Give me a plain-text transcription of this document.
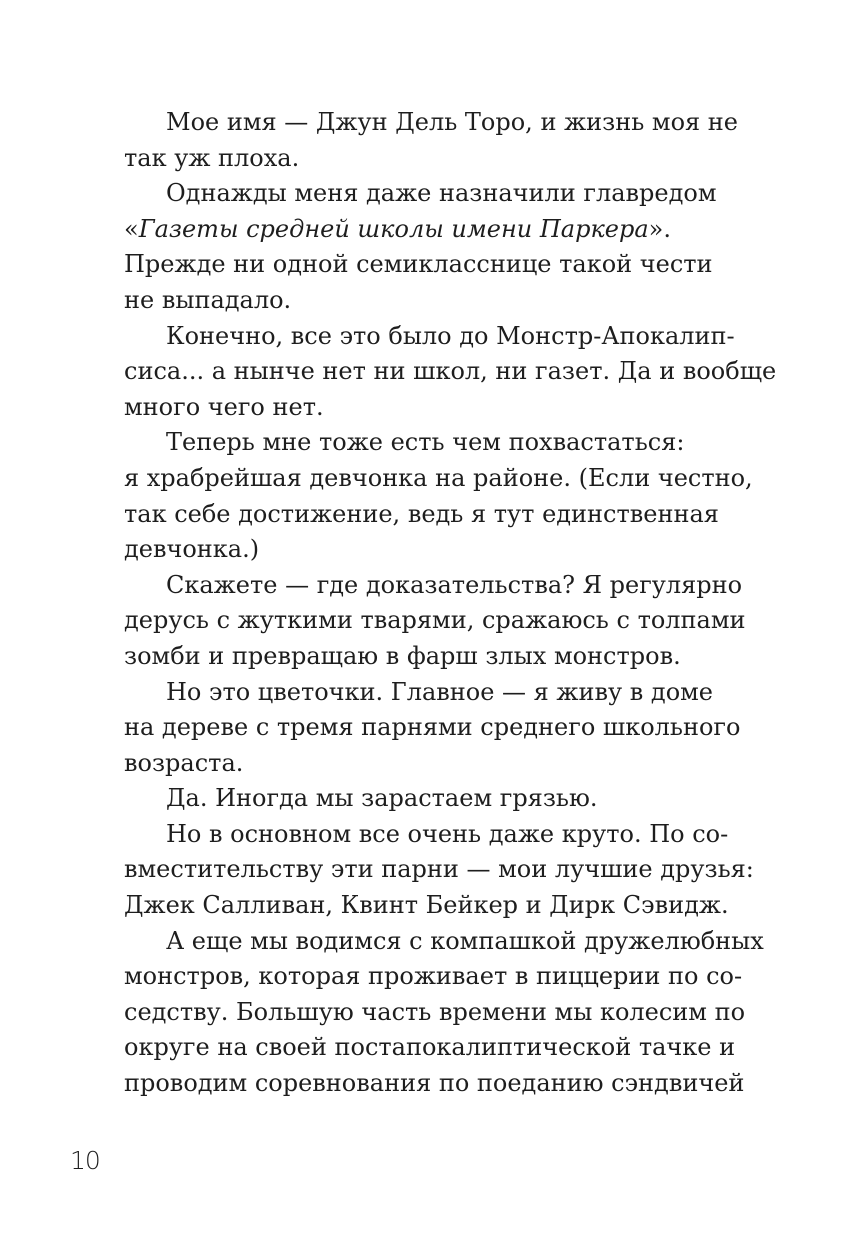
Мое имя — Джун Дель Торо, и жизнь моя не
так уж плоха.
Однажды меня даже назначили главредом
«Газеты средней школы имени Паркера».
Прежде ни одной семикласснице такой чести
не выпадало.
Конечно, все это было до Монстр-Апокалип-
сиса... а нынче нет ни школ, ни газет. Да и вообще
много чего нет.
Теперь мне тоже есть чем похвастаться:
я храбрейшая девчонка на районе. (Если честно,
так себе достижение, ведь я тут единственная
девчонка.)
Скажете — где доказательства? Я регулярно
дерусь с жуткими тварями, сражаюсь с толпами
зомби и превращаю в фарш злых монстров.
Но это цветочки. Главное — я живу в доме
на дереве с тремя парнями среднего школьного
возраста.
Да. Иногда мы зарастаем грязью.
Но в основном все очень даже круто. По со-
вместительству эти парни — мои лучшие друзья:
Джек Салливан, Квинт Бейкер и Дирк Сэвидж.
А еще мы водимся с компашкой дружелюбных
монстров, которая проживает в пиццерии по со-
седству. Большую часть времени мы колесим по
округе на своей постапокалиптической тачке и
проводим соревнования по поеданию сэндвичей
10
